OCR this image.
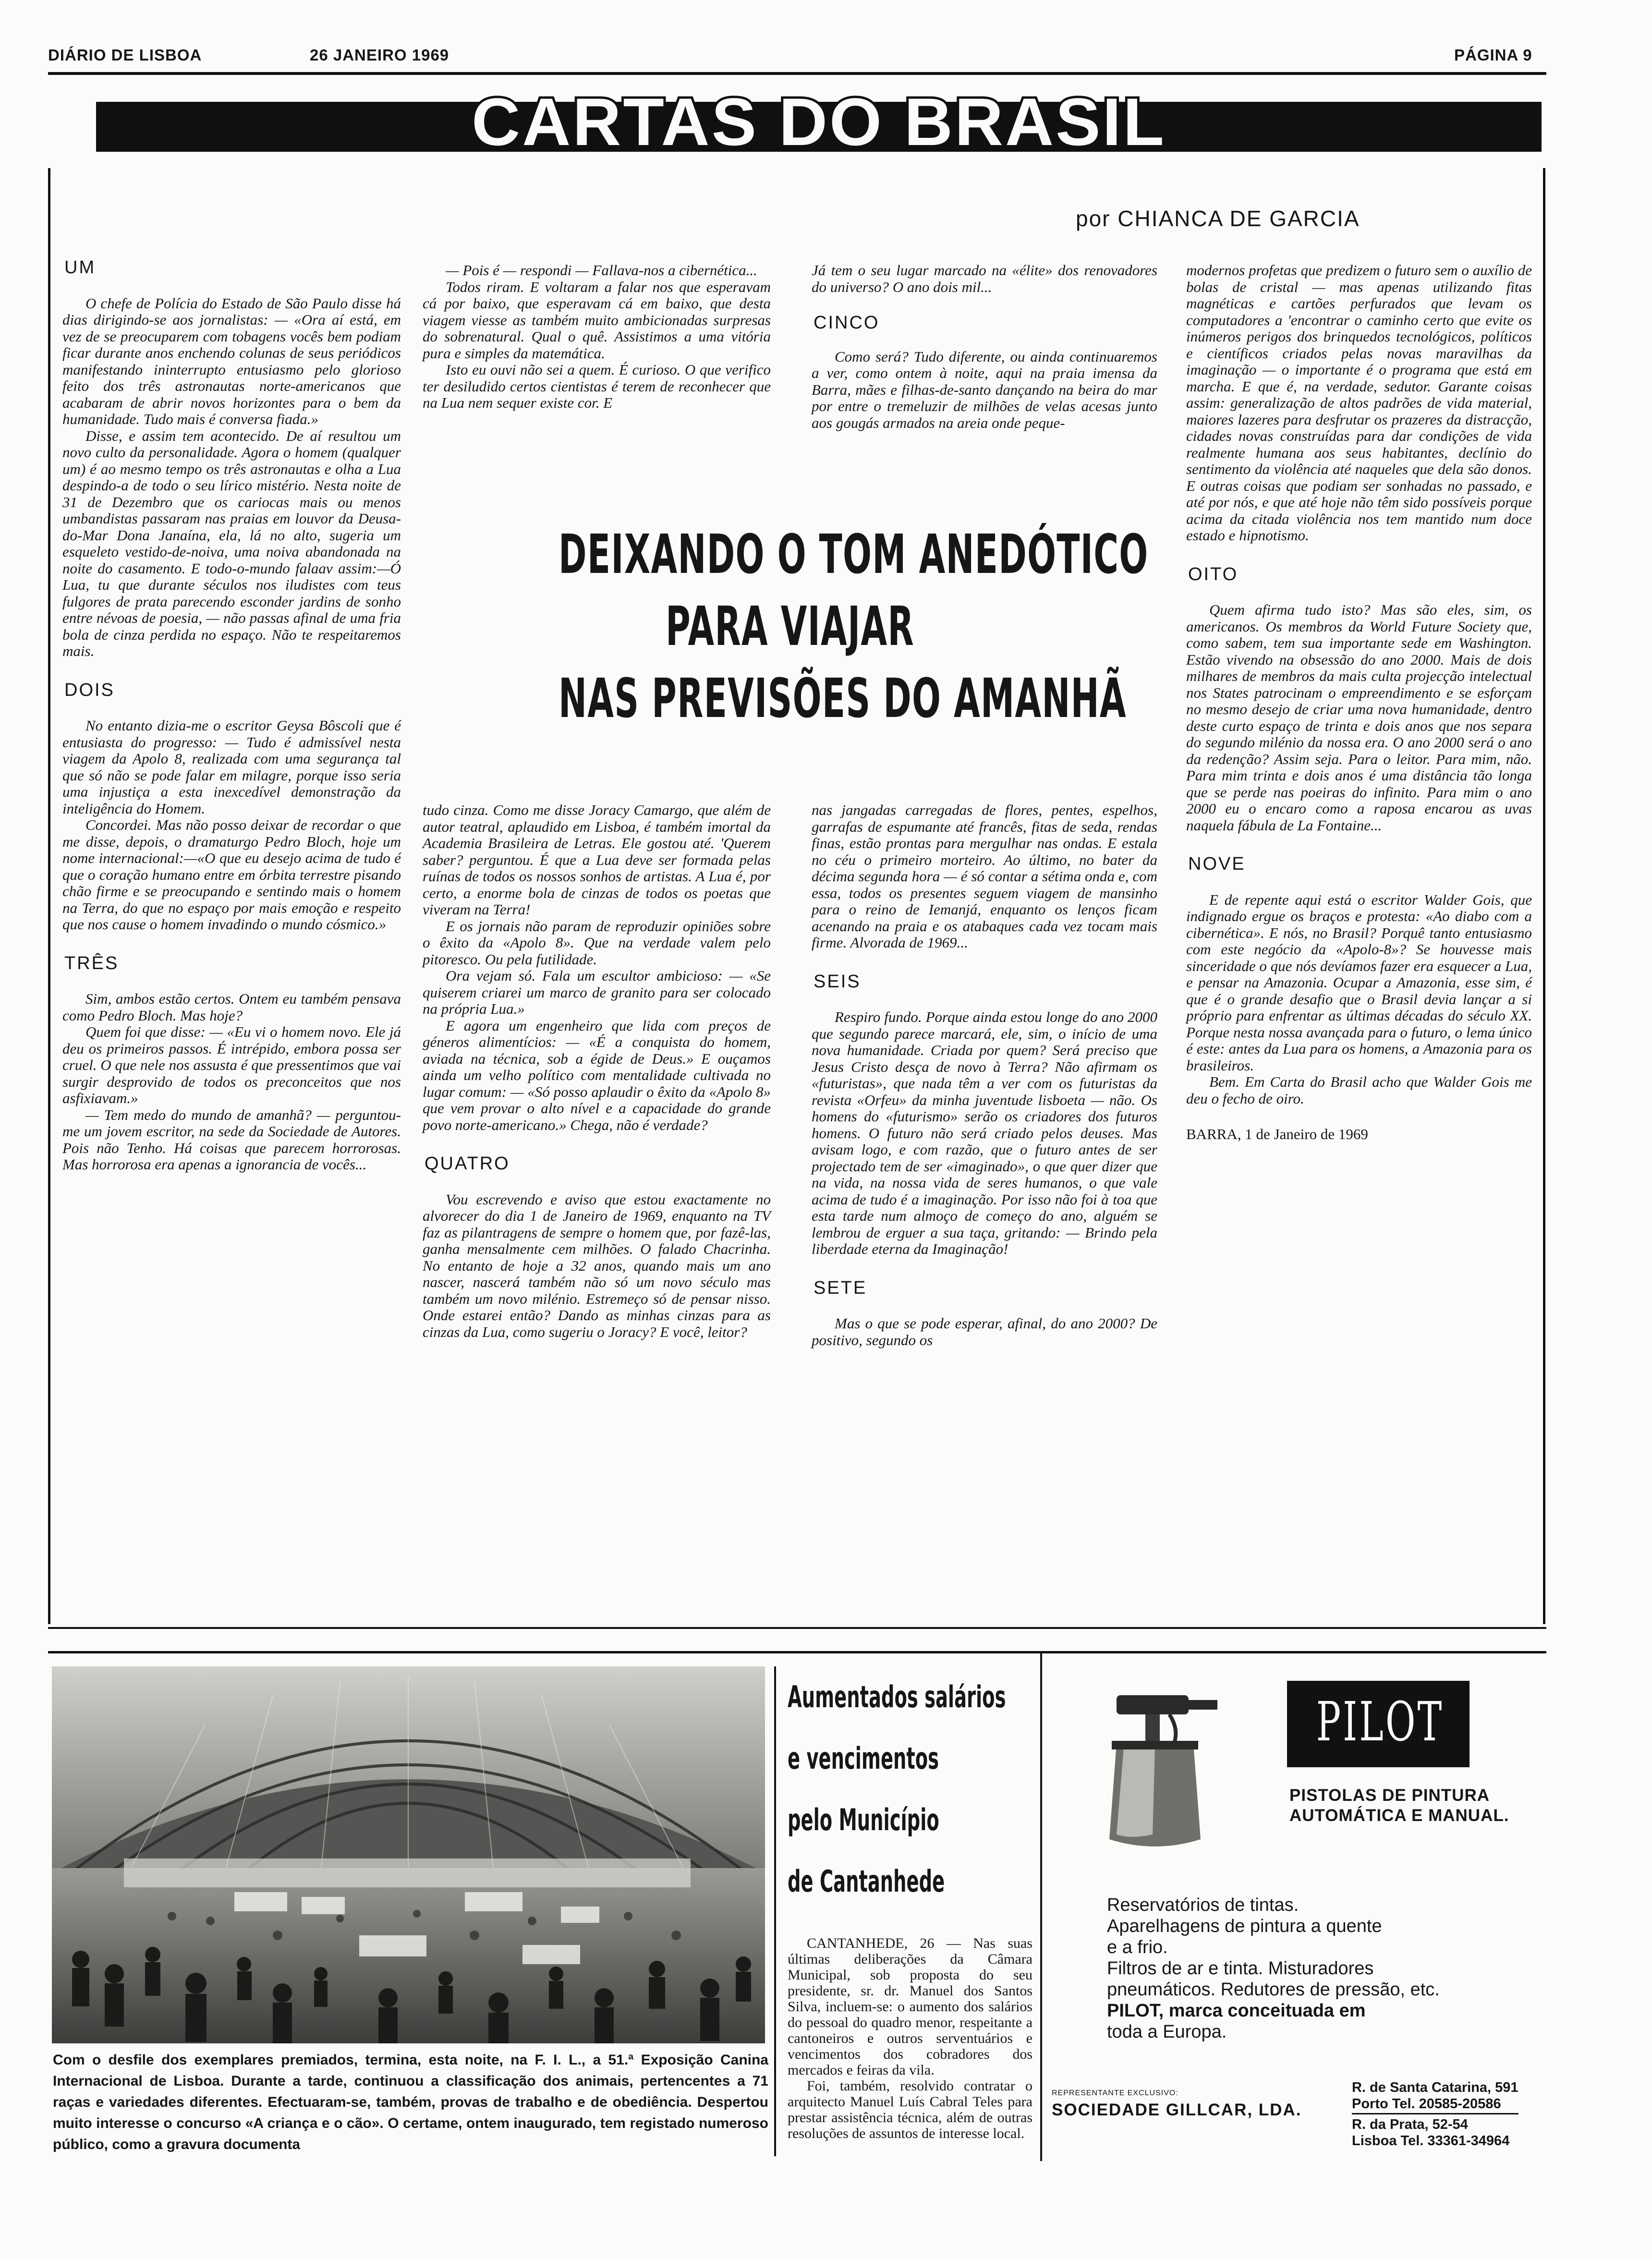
DIÁRIO DE LISBOA	26 JANEIRO 1969	PÁGINA 9
CARTAS DO BRASIL
por CHIANCA DE GARCIA
UM

O chefe de Polícia do Estado de São Paulo disse há dias dirigindo-se aos jornalistas: — «Ora aí está, em vez de se preocuparem com tobagens vocês bem podiam ficar durante anos enchendo colunas de seus periódicos manifestando ininterrupto entusiasmo pelo glorioso feito dos três astronautas norte-americanos que acabaram de abrir novos horizontes para o bem da humanidade. Tudo mais é conversa fiada.»

Disse, e assim tem acontecido. De aí resultou um novo culto da personalidade. Agora o homem (qualquer um) é ao mesmo tempo os três astronautas e olha a Lua despindo-a de todo o seu lírico mistério. Nesta noite de 31 de Dezembro que os cariocas mais ou menos umbandistas passaram nas praias em louvor da Deusa-do-Mar Dona Janaína, ela, lá no alto, sugeria um esqueleto vestido-de-noiva, uma noiva abandonada na noite do casamento. E todo-o-mundo falaav assim:—Ó Lua, tu que durante séculos nos iludistes com teus fulgores de prata parecendo esconder jardins de sonho entre névoas de poesia, — não passas afinal de uma fria bola de cinza perdida no espaço. Não te respeitaremos mais.

DOIS

No entanto dizia-me o escritor Geysa Bôscoli que é entusiasta do progresso: — Tudo é admissível nesta viagem da Apolo 8, realizada com uma segurança tal que só não se pode falar em milagre, porque isso seria uma injustiça a esta inexcedível demonstração da inteligência do Homem.

Concordei. Mas não posso deixar de recordar o que me disse, depois, o dramaturgo Pedro Bloch, hoje um nome internacional:—«O que eu desejo acima de tudo é que o coração humano entre em órbita terrestre pisando chão firme e se preocupando e sentindo mais o homem na Terra, do que no espaço por mais emoção e respeito que nos cause o homem invadindo o mundo cósmico.»

TRÊS

Sim, ambos estão certos. Ontem eu também pensava como Pedro Bloch. Mas hoje?

Quem foi que disse: — «Eu vi o homem novo. Ele já deu os primeiros passos. É intrépido, embora possa ser cruel. O que nele nos assusta é que pressentimos que vai surgir desprovido de todos os preconceitos que nos asfixiavam.»

— Tem medo do mundo de amanhã? — perguntou-me um jovem escritor, na sede da Sociedade de Autores. Pois não Tenho. Há coisas que parecem horrorosas. Mas horrorosa era apenas a ignorancia de vocês...

— Pois é — respondi — Fallava-nos a cibernética...

Todos riram. E voltaram a falar nos que esperavam cá por baixo, que esperavam cá em baixo, que desta viagem viesse as também muito ambicionadas surpresas do sobrenatural. Qual o quê. Assistimos a uma vitória pura e simples da matemática.

Isto eu ouvi não sei a quem. É curioso. O que verifico ter desiludido certos cientistas é terem de reconhecer que na Lua nem sequer existe cor. E

Já tem o seu lugar marcado na «élite» dos renovadores do universo? O ano dois mil...

CINCO

Como será? Tudo diferente, ou ainda continuaremos a ver, como ontem à noite, aqui na praia imensa da Barra, mães e filhas-de-santo dançando na beira do mar por entre o tremeluzir de milhões de velas acesas junto aos gougás armados na areia onde peque-

DEIXANDO O TOM ANEDÓTICO
PARA VIAJAR
NAS PREVISÕES DO AMANHÃ

tudo cinza. Como me disse Joracy Camargo, que além de autor teatral, aplaudido em Lisboa, é também imortal da Academia Brasileira de Letras. Ele gostou até. 'Querem saber? perguntou. É que a Lua deve ser formada pelas ruínas de todos os nossos sonhos de artistas. A Lua é, por certo, a enorme bola de cinzas de todos os poetas que viveram na Terra!

E os jornais não param de reproduzir opiniões sobre o êxito da «Apolo 8». Que na verdade valem pelo pitoresco. Ou pela futilidade.

Ora vejam só. Fala um escultor ambicioso: — «Se quiserem criarei um marco de granito para ser colocado na própria Lua.»

E agora um engenheiro que lida com preços de géneros alimentícios: — «É a conquista do homem, aviada na técnica, sob a égide de Deus.» E ouçamos ainda um velho político com mentalidade cultivada no lugar comum: — «Só posso aplaudir o êxito da «Apolo 8» que vem provar o alto nível e a capacidade do grande povo norte-americano.» Chega, não é verdade?

QUATRO

Vou escrevendo e aviso que estou exactamente no alvorecer do dia 1 de Janeiro de 1969, enquanto na TV faz as pilantragens de sempre o homem que, por fazê-las, ganha mensalmente cem milhões. O falado Chacrinha. No entanto de hoje a 32 anos, quando mais um ano nascer, nascerá também não só um novo século mas também um novo milénio. Estremeço só de pensar nisso. Onde estarei então? Dando as minhas cinzas para as cinzas da Lua, como sugeriu o Joracy? E você, leitor?

nas jangadas carregadas de flores, pentes, espelhos, garrafas de espumante até francês, fitas de seda, rendas finas, estão prontas para mergulhar nas ondas. E estala no céu o primeiro morteiro. Ao último, no bater da décima segunda hora — é só contar a sétima onda e, com essa, todos os presentes seguem viagem de mansinho para o reino de Iemanjá, enquanto os lenços ficam acenando na praia e os atabaques cada vez tocam mais firme. Alvorada de 1969...

SEIS

Respiro fundo. Porque ainda estou longe do ano 2000 que segundo parece marcará, ele, sim, o início de uma nova humanidade. Criada por quem? Será preciso que Jesus Cristo desça de novo à Terra? Não afirmam os «futuristas», que nada têm a ver com os futuristas da revista «Orfeu» da minha juventude lisboeta — não. Os homens do «futurismo» serão os criadores dos futuros homens. O futuro não será criado pelos deuses. Mas avisam logo, e com razão, que o futuro antes de ser projectado tem de ser «imaginado», o que quer dizer que na vida, na nossa vida de seres humanos, o que vale acima de tudo é a imaginação. Por isso não foi à toa que esta tarde num almoço de começo do ano, alguém se lembrou de erguer a sua taça, gritando: — Brindo pela liberdade eterna da Imaginação!

SETE

Mas o que se pode esperar, afinal, do ano 2000? De positivo, segundo os

modernos profetas que predizem o futuro sem o auxílio de bolas de cristal — mas apenas utilizando fitas magnéticas e cartões perfurados que levam os computadores a 'encontrar o caminho certo que evite os inúmeros perigos dos brinquedos tecnológicos, políticos e científicos criados pelas novas maravilhas da imaginação — o importante é o programa que está em marcha. E que é, na verdade, sedutor. Garante coisas assim: generalização de altos padrões de vida material, maiores lazeres para desfrutar os prazeres da distracção, cidades novas construídas para dar condições de vida realmente humana aos seus habitantes, declínio do sentimento da violência até naqueles que dela são donos. E outras coisas que podiam ser sonhadas no passado, e até por nós, e que até hoje não têm sido possíveis porque acima da citada violência nos tem mantido num doce estado e hipnotismo.

OITO

Quem afirma tudo isto? Mas são eles, sim, os americanos. Os membros da World Future Society que, como sabem, tem sua importante sede em Washington. Estão vivendo na obsessão do ano 2000. Mais de dois milhares de membros da mais culta projecção intelectual nos States patrocinam o empreendimento e se esforçam no mesmo desejo de criar uma nova humanidade, dentro deste curto espaço de trinta e dois anos que nos separa do segundo milénio da nossa era. O ano 2000 será o ano da redenção? Assim seja. Para o leitor. Para mim, não. Para mim trinta e dois anos é uma distância tão longa que se perde nas poeiras do infinito. Para mim o ano 2000 eu o encaro como a raposa encarou as uvas naquela fábula de La Fontaine...

NOVE

E de repente aqui está o escritor Walder Gois, que indignado ergue os braços e protesta: «Ao diabo com a cibernética». E nós, no Brasil? Porquê tanto entusiasmo com este negócio da «Apolo-8»? Se houvesse mais sinceridade o que nós devíamos fazer era esquecer a Lua, e pensar na Amazonia. Ocupar a Amazonia, esse sim, é que é o grande desafio que o Brasil devia lançar a si próprio para enfrentar as últimas décadas do século XX. Porque nesta nossa avançada para o futuro, o lema único é este: antes da Lua para os homens, a Amazonia para os brasileiros.

Bem. Em Carta do Brasil acho que Walder Gois me deu o fecho de oiro.

BARRA, 1 de Janeiro de 1969

Com o desfile dos exemplares premiados, termina, esta noite, na F. I. L., a 51.ª Exposição Canina Internacional de Lisboa. Durante a tarde, continuou a classificação dos animais, pertencentes a 71 raças e variedades diferentes. Efectuaram-se, também, provas de trabalho e de obediência. Despertou muito interesse o concurso «A criança e o cão». O certame, ontem inaugurado, tem registado numeroso público, como a gravura documenta
Aumentados salários
e vencimentos
pelo Município
de Cantanhede

CANTANHEDE, 26 — Nas suas últimas deliberações da Câmara Municipal, sob proposta do seu presidente, sr. dr. Manuel dos Santos Silva, incluem-se: o aumento dos salários do pessoal do quadro menor, respeitante a cantoneiros e outros serventuários e vencimentos dos cobradores dos mercados e feiras da vila.

Foi, também, resolvido contratar o arquitecto Manuel Luís Cabral Teles para prestar assistência técnica, além de outras resoluções de assuntos de interesse local.

PILOT
PISTOLAS DE PINTURA
AUTOMÁTICA E MANUAL.
Reservatórios de tintas.
Aparelhagens de pintura a quente
e a frio.
Filtros de ar e tinta. Misturadores
pneumáticos. Redutores de pressão, etc.
PILOT, marca conceituada em
toda a Europa.
REPRESENTANTE EXCLUSIVO:
SOCIEDADE GILLCAR, LDA.
R. de Santa Catarina, 591
Porto Tel. 20585-20586
R. da Prata, 52-54
Lisboa Tel. 33361-34964
